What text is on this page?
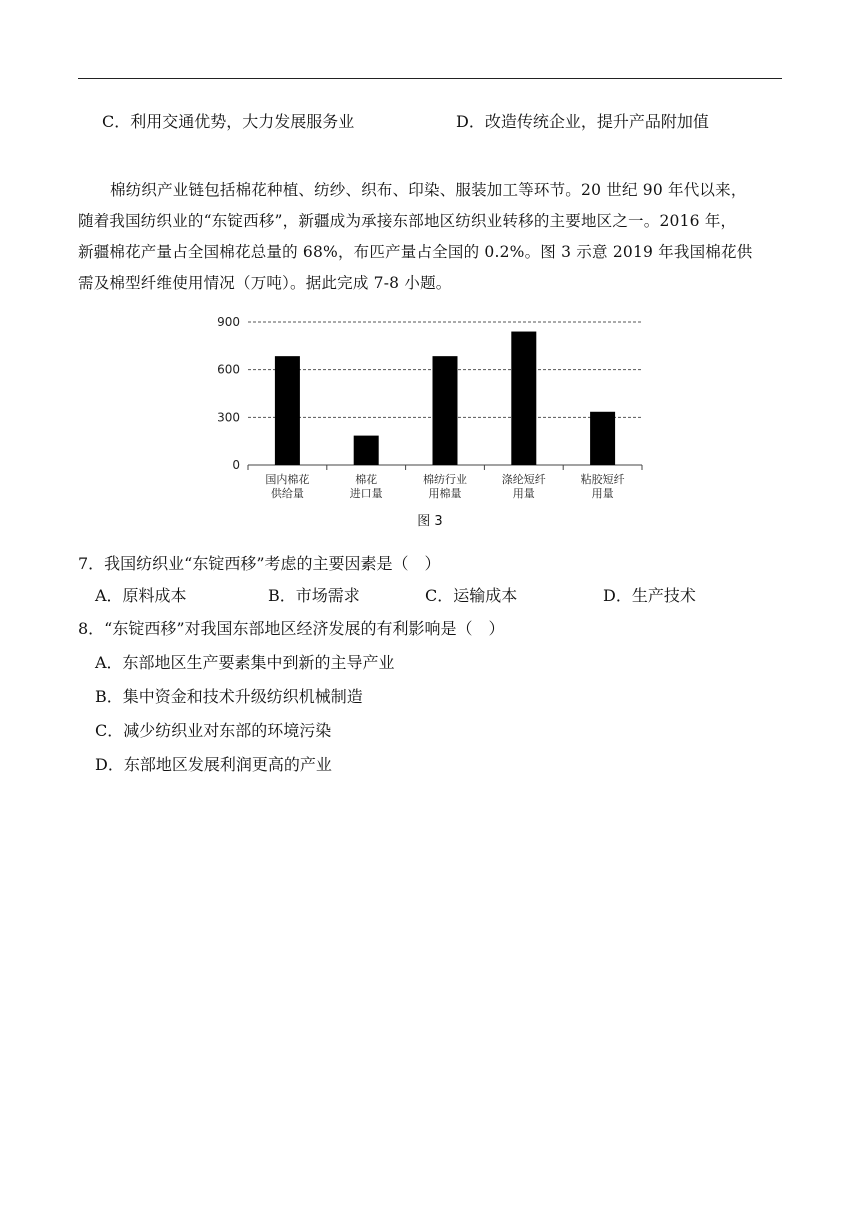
C．利用交通优势，大力发展服务业	D．改造传统企业，提升产品附加值
棉纺织产业链包括棉花种植、纺纱、织布、印染、服装加工等环节。20 世纪 90 年代以来，
随着我国纺织业的“东锭西移”，新疆成为承接东部地区纺织业转移的主要地区之一。2016 年，
新疆棉花产量占全国棉花总量的 68%，布匹产量占全国的 0.2%。图 3 示意 2019 年我国棉花供
需及棉型纤维使用情况（万吨）。据此完成 7-8 小题。
0
300
600
900
国内棉花
供给量
棉花
进口量
棉纺行业
用棉量
涤纶短纤
用量
粘胶短纤
用量
图 3
7．我国纺织业“东锭西移”考虑的主要因素是（　）
A．原料成本	B．市场需求	C．运输成本	D．生产技术
8．“东锭西移”对我国东部地区经济发展的有利影响是（　）
A．东部地区生产要素集中到新的主导产业
B．集中资金和技术升级纺织机械制造
C．减少纺织业对东部的环境污染
D．东部地区发展利润更高的产业
